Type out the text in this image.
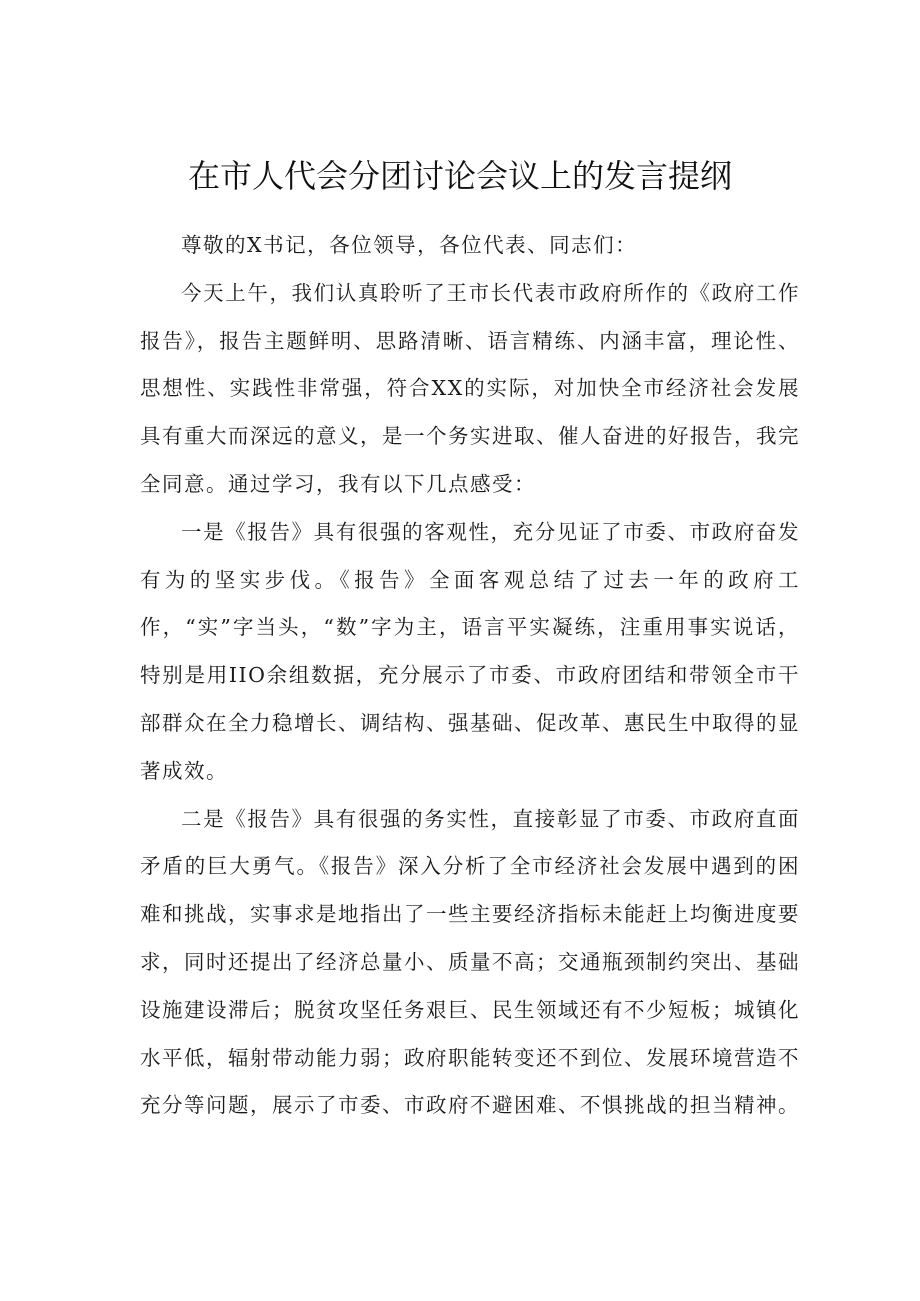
在市人代会分团讨论会议上的发言提纲

尊敬的X书记，各位领导，各位代表、同志们：

今天上午，我们认真聆听了王市长代表市政府所作的《政府工作报告》，报告主题鲜明、思路清晰、语言精练、内涵丰富，理论性、思想性、实践性非常强，符合XX的实际，对加快全市经济社会发展具有重大而深远的意义，是一个务实进取、催人奋进的好报告，我完全同意。通过学习，我有以下几点感受：

一是《报告》具有很强的客观性，充分见证了市委、市政府奋发有为的坚实步伐。《报告》全面客观总结了过去一年的政府工作，“实”字当头，“数”字为主，语言平实凝练，注重用事实说话，特别是用IIO余组数据，充分展示了市委、市政府团结和带领全市干部群众在全力稳增长、调结构、强基础、促改革、惠民生中取得的显著成效。

二是《报告》具有很强的务实性，直接彰显了市委、市政府直面矛盾的巨大勇气。《报告》深入分析了全市经济社会发展中遇到的困难和挑战，实事求是地指出了一些主要经济指标未能赶上均衡进度要求，同时还提出了经济总量小、质量不高；交通瓶颈制约突出、基础设施建设滞后；脱贫攻坚任务艰巨、民生领域还有不少短板；城镇化水平低，辐射带动能力弱；政府职能转变还不到位、发展环境营造不充分等问题，展示了市委、市政府不避困难、不惧挑战的担当精神。
